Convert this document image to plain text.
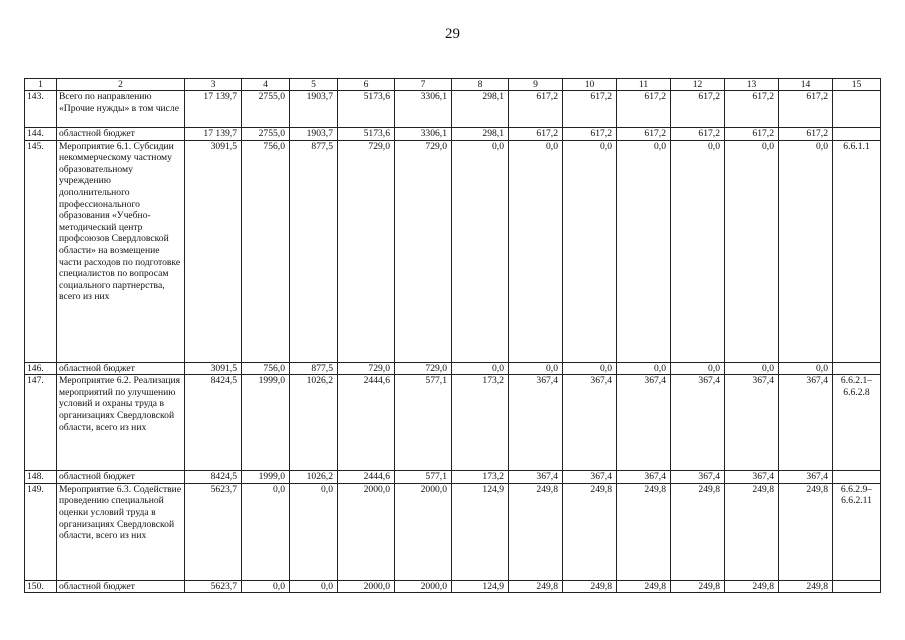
29
1	2	3	4	5	6	7	8	9	10	11	12	13	14	15
143.	Всего по направлению «Прочие нужды» в том числе	17 139,7	2755,0	1903,7	5173,6	3306,1	298,1	617,2	617,2	617,2	617,2	617,2	617,2	
144.	областной бюджет	17 139,7	2755,0	1903,7	5173,6	3306,1	298,1	617,2	617,2	617,2	617,2	617,2	617,2	
145.	Мероприятие 6.1. Субсидии некоммерческому частному образовательному учреждению дополнительного профессионального образования «Учебно-методический центр профсоюзов Свердловской области» на возмещение части расходов по подготовке специалистов по вопросам социального партнерства, всего из них	3091,5	756,0	877,5	729,0	729,0	0,0	0,0	0,0	0,0	0,0	0,0	0,0	6.6.1.1
146.	областной бюджет	3091,5	756,0	877,5	729,0	729,0	0,0	0,0	0,0	0,0	0,0	0,0	0,0	
147.	Мероприятие 6.2. Реализация мероприятий по улучшению условий и охраны труда в организациях Свердловской области, всего из них	8424,5	1999,0	1026,2	2444,6	577,1	173,2	367,4	367,4	367,4	367,4	367,4	367,4	6.6.2.1–6.6.2.8
148.	областной бюджет	8424,5	1999,0	1026,2	2444,6	577,1	173,2	367,4	367,4	367,4	367,4	367,4	367,4	
149.	Мероприятие 6.3. Содействие проведению специальной оценки условий труда в организациях Свердловской области, всего из них	5623,7	0,0	0,0	2000,0	2000,0	124,9	249,8	249,8	249,8	249,8	249,8	249,8	6.6.2.9–6.6.2.11
150.	областной бюджет	5623,7	0,0	0,0	2000,0	2000,0	124,9	249,8	249,8	249,8	249,8	249,8	249,8	
